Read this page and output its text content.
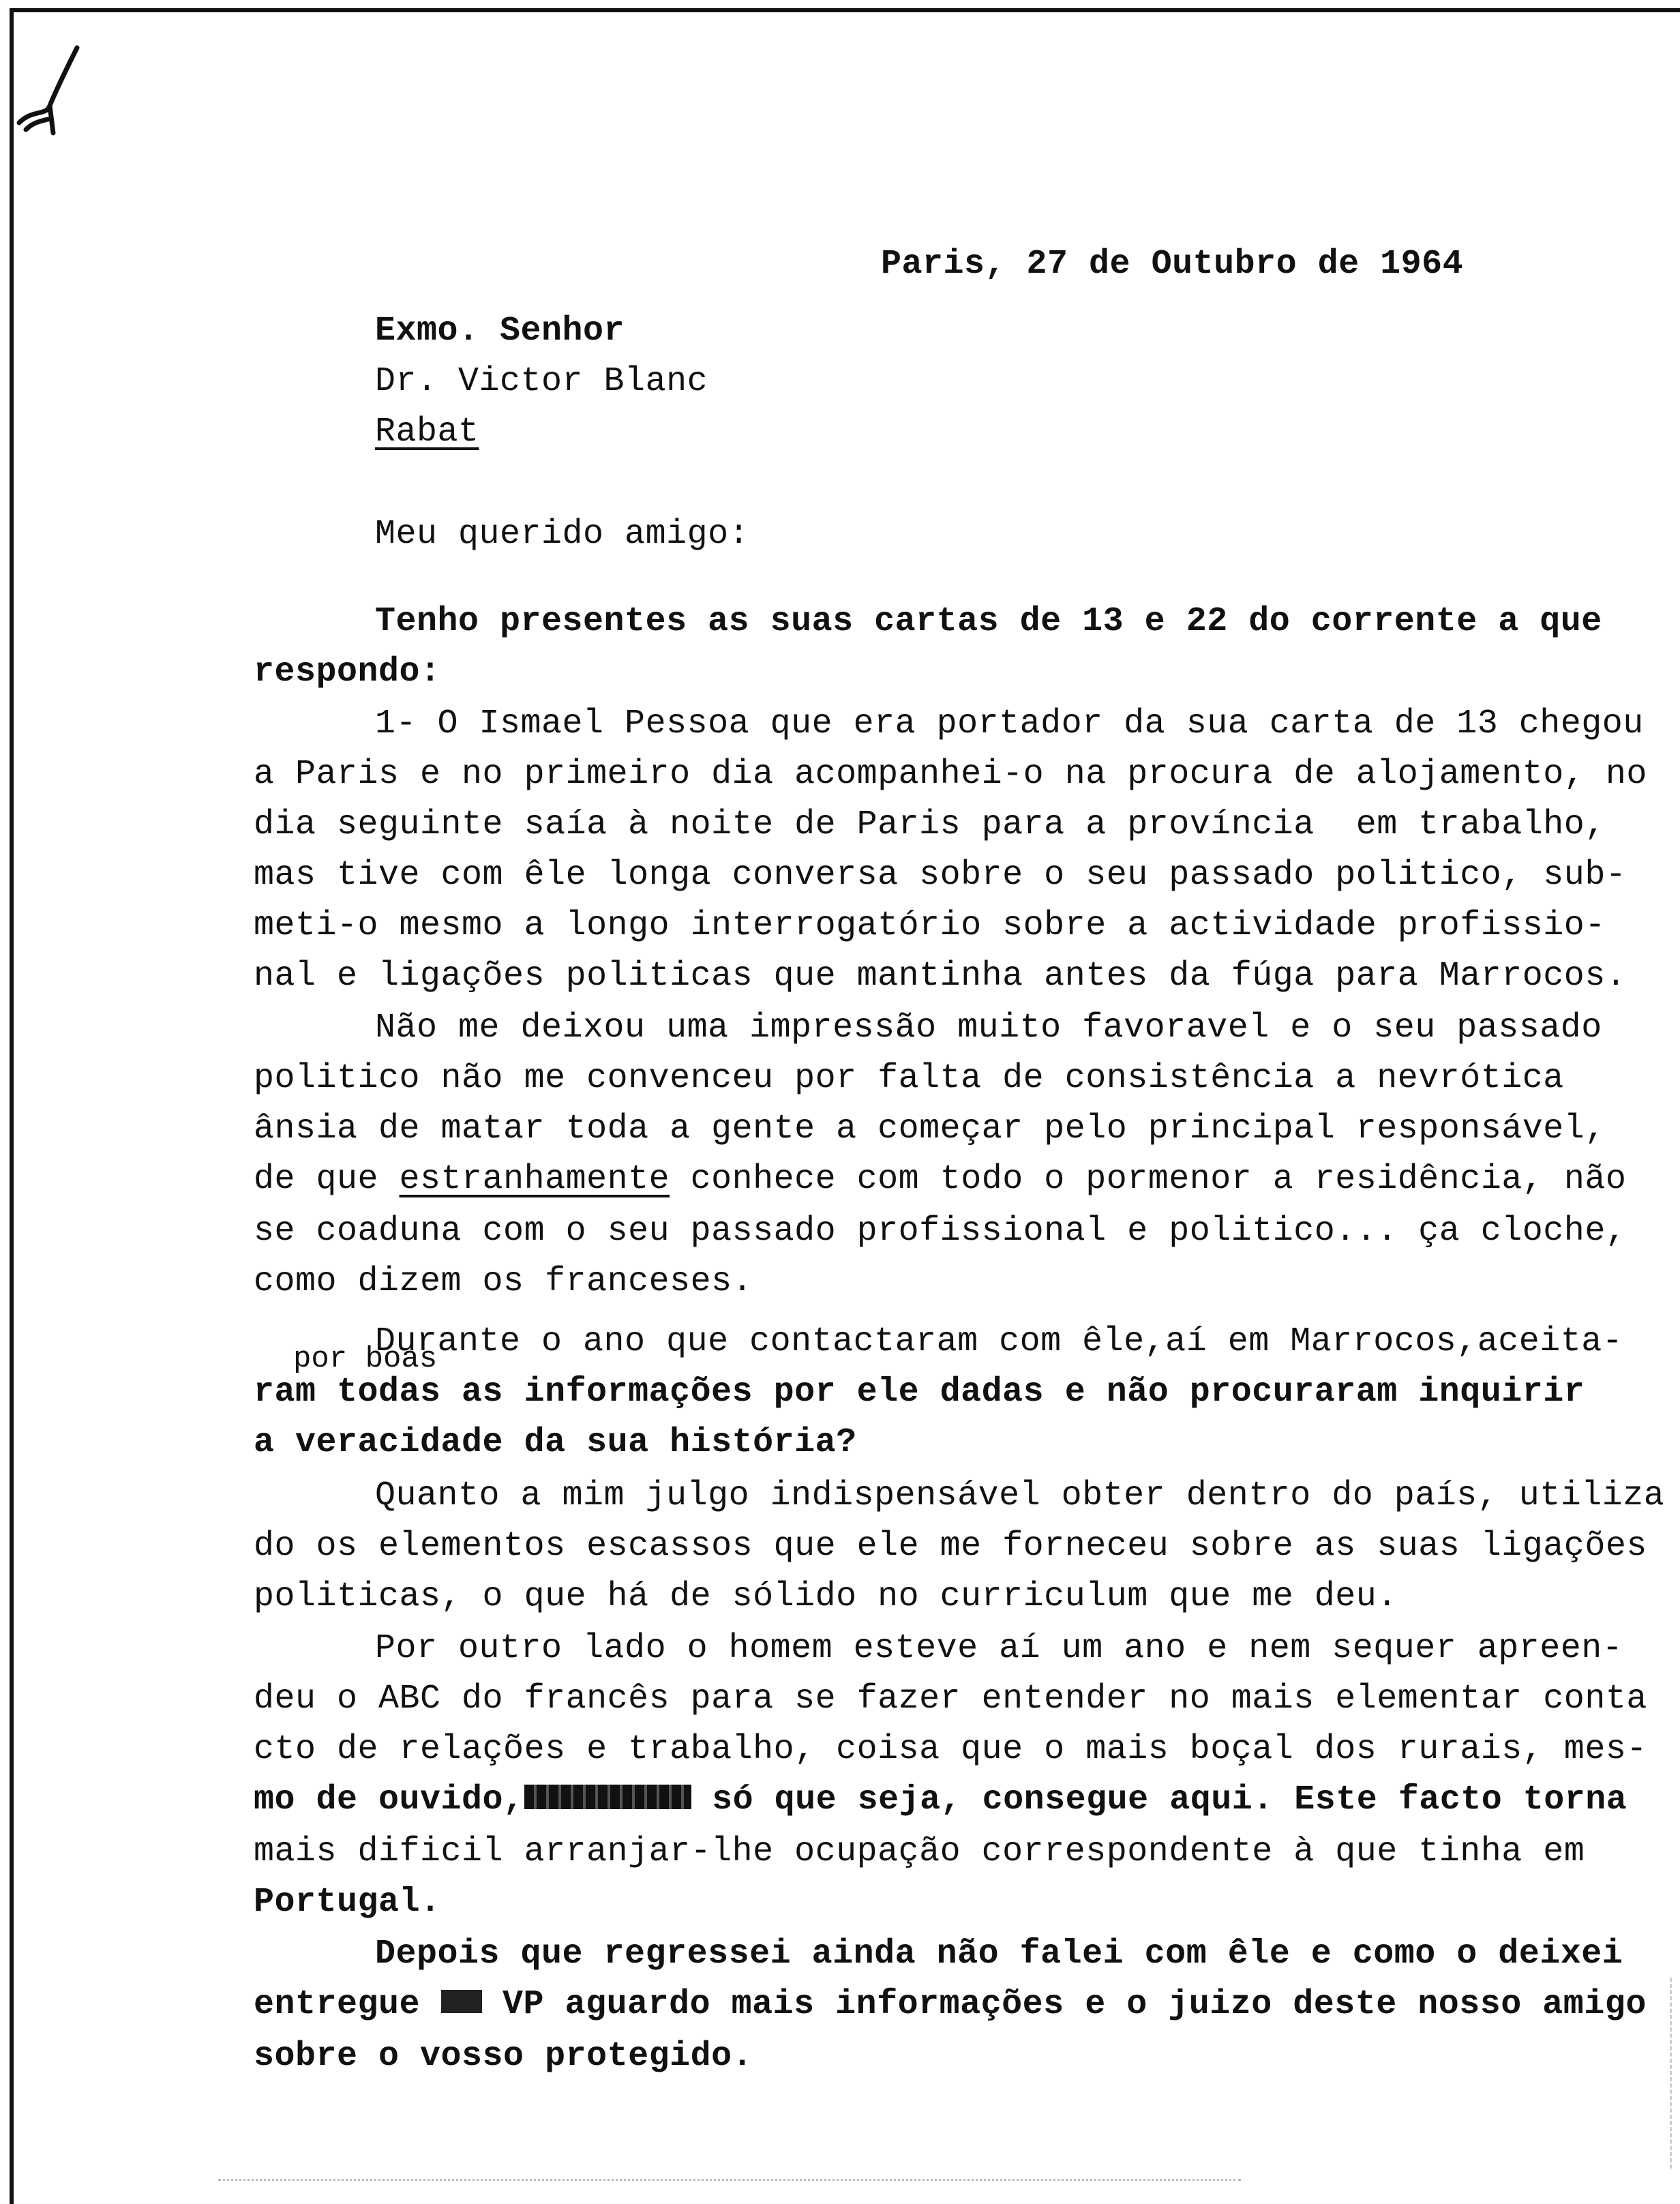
Paris, 27 de Outubro de 1964
Exmo. Senhor
Dr. Victor Blanc
Rabat
Meu querido amigo:
Tenho presentes as suas cartas de 13 e 22 do corrente a que
respondo:
1- O Ismael Pessoa que era portador da sua carta de 13 chegou
a Paris e no primeiro dia acompanhei-o na procura de alojamento, no
dia seguinte saía à noite de Paris para a província  em trabalho,
mas tive com êle longa conversa sobre o seu passado politico, sub-
meti-o mesmo a longo interrogatório sobre a actividade profissio-
nal e ligações politicas que mantinha antes da fúga para Marrocos.
Não me deixou uma impressão muito favoravel e o seu passado
politico não me convenceu por falta de consistência a nevrótica
ânsia de matar toda a gente a começar pelo principal responsável,
de que estranhamente conhece com todo o pormenor a residência, não
se coaduna com o seu passado profissional e politico... ça cloche,
como dizem os franceses.
por boas
Durante o ano que contactaram com êle,aí em Marrocos,aceita-
ram todas as informações por ele dadas e não procuraram inquirir
a veracidade da sua história?
Quanto a mim julgo indispensável obter dentro do país, utiliza
do os elementos escassos que ele me forneceu sobre as suas ligações
politicas, o que há de sólido no curriculum que me deu.
Por outro lado o homem esteve aí um ano e nem sequer apreen-
deu o ABC do francês para se fazer entender no mais elementar conta
cto de relações e trabalho, coisa que o mais boçal dos rurais, mes-
mo de ouvido,	só que seja, consegue aqui. Este facto torna
mais dificil arranjar-lhe ocupação correspondente à que tinha em
Portugal.
Depois que regressei ainda não falei com êle e como o deixei
entregue  VP aguardo mais informações e o juizo deste nosso amigo
sobre o vosso protegido.
